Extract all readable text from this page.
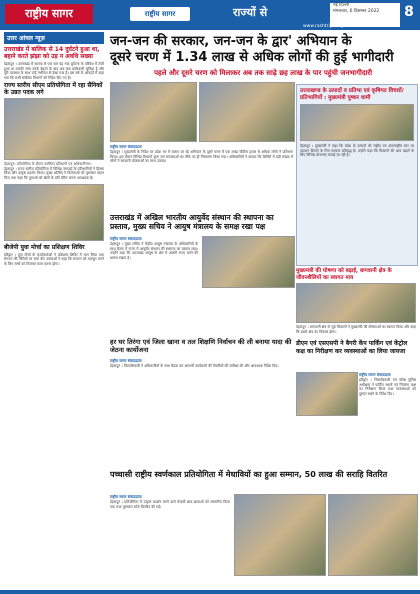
राष्ट्रीय सागर	राष्ट्रीय सागर	राज्यों से
नई दिल्ली
मंगलवार, 6 दिसम्बर 2022	8
www.rashtriyasagar.com
उत्तर आंचल न्यूज़
उत्तराखंड में बालिक से 14 दुर्घटने हुआ था, बहाने करते झंझा को उड़ न अवधि सख्या
देहरादून । उत्तराखंड में बालक से एक बार वह नया दुर्घटना के परिवेश में तेजी हुआ था उसकी जांच उनके बेहतर के बाद अब क्या प्राधिकारी सुविधा है और पूरी व्यवस्था के साथ उन्हें गंभीरता से देखा गया है। इस वर्ष के आंकड़ों में कहा गया कि सभी संबंधित विभागों को निर्देश दिए गए हैं।
राज्य स्तरीय सीएम प्रतियोगिता में रहा सैनिकों के उन्नत पदक लगे
देहरादून। प्रतियोगिता के दौरान उपस्थित प्रतिभागी एवं अधिकारीगण।
देहरादून । राज्य स्तरीय प्रतियोगिता में विभिन्न जनपदों के प्रतिभागियों ने हिस्सा लिया और उत्कृष्ट प्रदर्शन किया। मुख्य अतिथि ने विजेताओं को पुरस्कार प्रदान किए तथा कहा कि युवाओं को खेलों के प्रति प्रेरित करना आवश्यक है।
बीजेपी युवा मोर्चा का प्रशिक्षण शिविर
हरिद्वार । युवा मोर्चा के कार्यकर्ताओं ने प्रशिक्षण शिविर में भाग लिया तथा संगठन की नीतियों पर चर्चा की। वक्ताओं ने कहा कि संगठन को मजबूत करने के लिए सभी को मिलकर काम करना होगा।
जन-जन की सरकार, जन-जन के द्वार' अभियान के
दूसरे चरण में 1.34 लाख से अधिक लोगों की हुई भागीदारी
पहले और दूसरे चरण को मिलाकर अब तक साढ़े छह लाख के पार पहुंची जनभागीदारी
राष्ट्रीय सागर संवाददाता
देहरादून । मुख्यमंत्री के निर्देश पर प्रदेश भर में चलाए जा रहे अभियान के दूसरे चरण में एक लाख चौंतीस हजार से अधिक लोगों ने प्रतिभाग किया। इस दौरान विभिन्न विभागों द्वारा जन समस्याओं का मौके पर ही निस्तारण किया गया। अधिकारियों ने बताया कि शिविरों में बड़ी संख्या में लोगों ने सरकारी योजनाओं का लाभ उठाया।
उत्तराखण्ड के उत्पादों व प्रतिभा एवं कृषिगत विचारों/ प्रतिभागियों : मुख्यमंत्री पुष्कर धामी
देहरादून । मुख्यमंत्री ने कहा कि प्रदेश के उत्पादों को राष्ट्रीय एवं अंतरराष्ट्रीय स्तर पर पहचान दिलाने के लिए सरकार प्रतिबद्ध है। उन्होंने कहा कि किसानों की आय बढ़ाने के लिए विभिन्न योजनाएं चलाई जा रही हैं।
उत्तराखंड में अखिल भारतीय आयुर्वेद संस्थान की स्थापना का प्रस्ताव, मुख्य सचिव ने आयुष मंत्रालय के समक्ष रखा पक्ष
राष्ट्रीय सागर संवाददाता
देहरादून । मुख्य सचिव ने केंद्रीय आयुष मंत्रालय के अधिकारियों के साथ बैठक में राज्य में आयुर्वेद संस्थान की स्थापना का प्रस्ताव रखा। उन्होंने कहा कि उत्तराखंड आयुष के क्षेत्र में अग्रणी राज्य बनने की क्षमता रखता है।
मुख्यमंत्री की घोषणा को बढ़ाई, बागवानी क्षेत्र के जीवनशैलियों का स्वागत माय
देहरादून । बागवानी क्षेत्र से जुड़े किसानों ने मुख्यमंत्री की घोषणाओं का स्वागत किया और कहा कि इससे क्षेत्र का विकास होगा।
हर घर तिरंगा एवं जिला खाना व तल शिक्षणि निर्वाचन की ली बनाया यादा की जेठना कार्योजना
राष्ट्रीय सागर संवाददाता
देहरादून । जिलाधिकारी ने अधिकारियों के साथ बैठक कर आगामी कार्यक्रमों की तैयारियों की समीक्षा की और आवश्यक निर्देश दिए।
डीएम एवं एसएसपी ने बैगरी केंप पार्किंग एवं केंट्रोल कक्ष का निरीक्षण कर व्यवस्थाओं का लिया जायजा
राष्ट्रीय सागर संवाददाता
हरिद्वार । जिलाधिकारी एवं वरिष्ठ पुलिस अधीक्षक ने पार्किंग स्थलों एवं नियंत्रण कक्ष का निरीक्षण किया तथा व्यवस्थाओं को दुरुस्त रखने के निर्देश दिए।
पच्चासी राष्ट्रीय स्वर्णकाल प्रतियोगिता में मेधावियों का हुआ सम्मान, 50 लाख की सराहि वितरित
राष्ट्रीय सागर संवाददाता
देहरादून । प्रतियोगिता में उत्कृष्ट प्रदर्शन करने वाले मेधावी छात्र-छात्राओं को सम्मानित किया गया तथा पुरस्कार राशि वितरित की गई।
